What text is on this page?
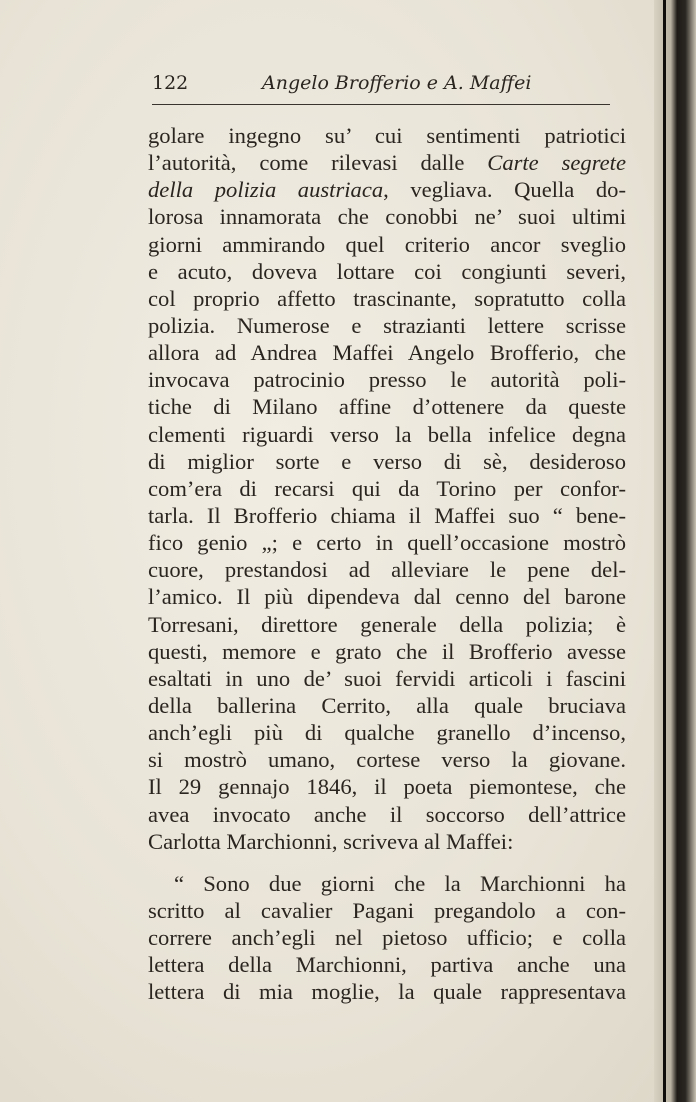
122	Angelo Brofferio e A. Maffei
golare ingegno su’ cui sentimenti patriotici
l’autorità, come rilevasi dalle Carte segrete
della polizia austriaca, vegliava. Quella do-
lorosa innamorata che conobbi ne’ suoi ultimi
giorni ammirando quel criterio ancor sveglio
e acuto, doveva lottare coi congiunti severi,
col proprio affetto trascinante, sopratutto colla
polizia. Numerose e strazianti lettere scrisse
allora ad Andrea Maffei Angelo Brofferio, che
invocava patrocinio presso le autorità poli-
tiche di Milano affine d’ottenere da queste
clementi riguardi verso la bella infelice degna
di miglior sorte e verso di sè, desideroso
com’era di recarsi qui da Torino per confor-
tarla. Il Brofferio chiama il Maffei suo “ bene-
fico genio „; e certo in quell’occasione mostrò
cuore, prestandosi ad alleviare le pene del-
l’amico. Il più dipendeva dal cenno del barone
Torresani, direttore generale della polizia; è
questi, memore e grato che il Brofferio avesse
esaltati in uno de’ suoi fervidi articoli i fascini
della ballerina Cerrito, alla quale bruciava
anch’egli più di qualche granello d’incenso,
si mostrò umano, cortese verso la giovane.
Il 29 gennajo 1846, il poeta piemontese, che
avea invocato anche il soccorso dell’attrice
Carlotta Marchionni, scriveva al Maffei:
“ Sono due giorni che la Marchionni ha
scritto al cavalier Pagani pregandolo a con-
correre anch’egli nel pietoso ufficio; e colla
lettera della Marchionni, partiva anche una
lettera di mia moglie, la quale rappresentava
